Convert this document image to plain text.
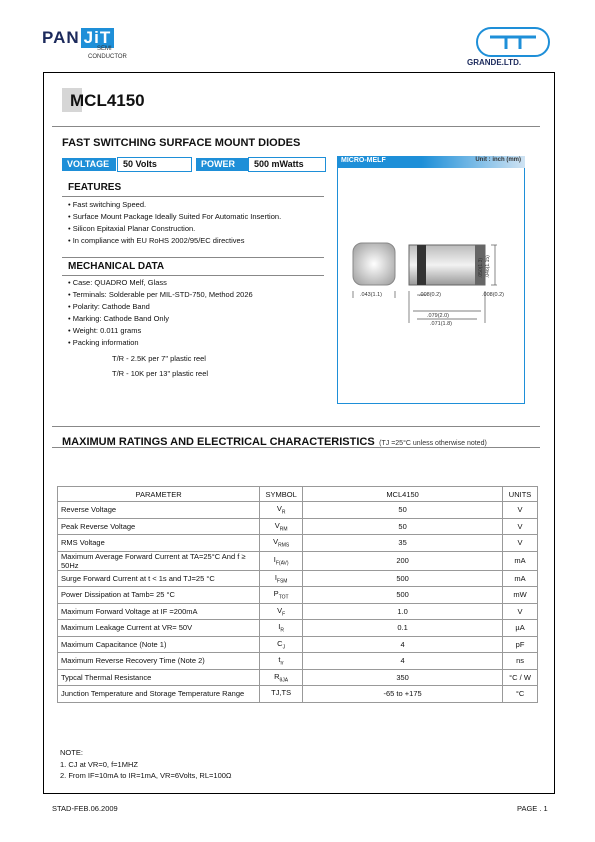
PAN JiT
SEMI
CONDUCTOR
GRANDE.LTD.
MCL4150
FAST SWITCHING SURFACE MOUNT DIODES
VOLTAGE	50 Volts	POWER	500 mWatts
FEATURES
• Fast switching Speed.
• Surface Mount Package Ideally Suited For Automatic Insertion.
• Silicon Epitaxial Planar Construction.
• In compliance with EU RoHS 2002/95/EC directives
MECHANICAL DATA
• Case: QUADRO Melf, Glass
• Terminals: Solderable per MIL-STD-750, Method 2026
• Polarity: Cathode Band
• Marking: Cathode Band Only
• Weight: 0.011 grams
• Packing information
T/R - 2.5K per 7" plastic reel
T/R - 10K per 13" plastic reel
MICRO-MELF	Unit : inch (mm)
.043(1.1)	.008(0.2)	.008(0.2)
.079(2.0)
.071(1.8)
.050(1.3) .046(1.15)
MAXIMUM RATINGS AND ELECTRICAL CHARACTERISTICS (TJ =25°C unless otherwise noted)
PARAMETER	SYMBOL	MCL4150	UNITS
Reverse Voltage	$V_R$	50	V
Peak Reverse Voltage	$V_{RM}$	50	V
RMS Voltage	$V_{RMS}$	35	V
Maximum Average Forward Current at TA=25°C And f ≥ 50Hz	$I_{F(AV)}$	200	mA
Surge Forward Current at t < 1s and TJ=25 °C	$I_{FSM}$	500	mA
Power Dissipation at Tamb= 25 °C	$P_{TOT}$	500	mW
Maximum Forward Voltage at IF =200mA	$V_F$	1.0	V
Maximum Leakage Current at VR= 50V	$I_R$	0.1	µA
Maximum Capacitance (Note 1)	$C_J$	4	pF
Maximum Reverse Recovery Time (Note 2)	$t_{rr}$	4	ns
Typcal Thermal Resistance	$R_{\theta JA}$	350	°C / W
Junction Temperature and Storage Temperature Range	TJ,TS	-65 to +175	°C
NOTE:
1. CJ at VR=0, f=1MHZ
2. From IF=10mA to IR=1mA, VR=6Volts, RL=100Ω
STAD-FEB.06.2009	PAGE . 1
